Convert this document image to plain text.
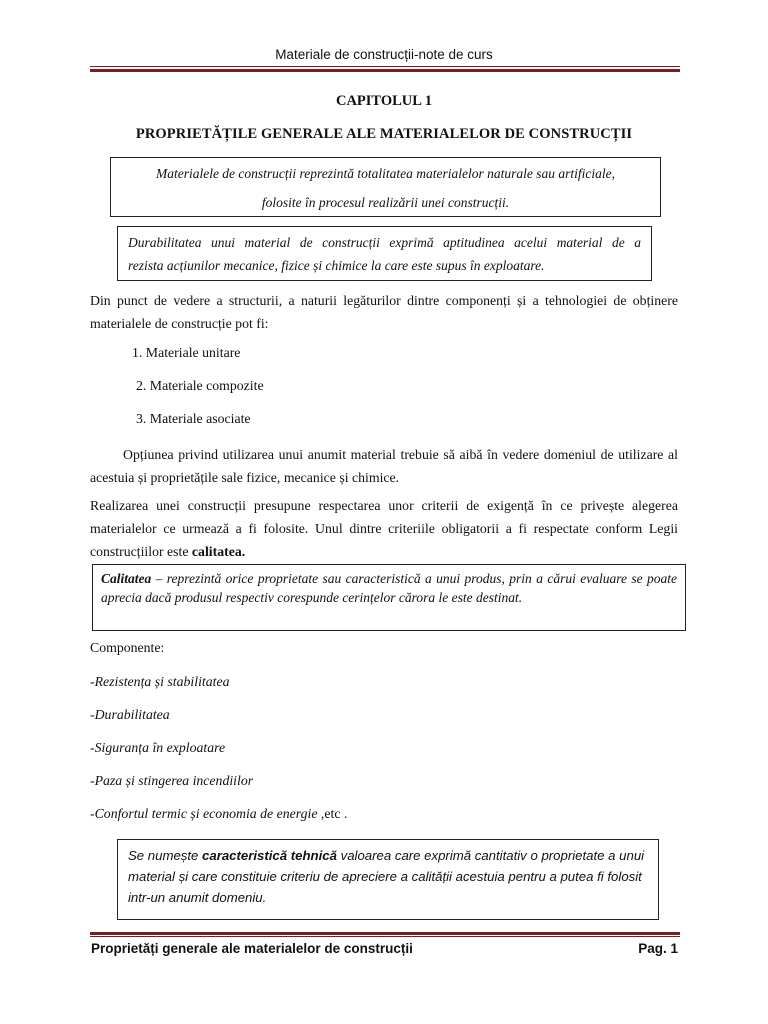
Materiale de construcții-note de curs
CAPITOLUL 1
PROPRIETĂȚILE GENERALE ALE MATERIALELOR DE CONSTRUCȚII
Materialele de construcții reprezintă totalitatea materialelor naturale sau artificiale,
folosite în procesul realizării unei construcții.
Durabilitatea unui material de construcții exprimă aptitudinea acelui material de a
rezista acțiunilor mecanice, fizice și chimice la care este supus în exploatare.
Din punct de vedere a structurii, a naturii legăturilor dintre componenți și a tehnologiei de obținere materialele de construcție pot fi:
1. Materiale unitare
2. Materiale compozite
3. Materiale asociate
Opțiunea privind utilizarea unui anumit material trebuie să aibă în vedere domeniul de utilizare al acestuia și proprietățile sale fizice, mecanice și chimice.
Realizarea unei construcții presupune respectarea unor criterii de exigență în ce privește alegerea materialelor ce urmează a fi folosite. Unul dintre criteriile obligatorii a fi respectate conform Legii construcțiilor este calitatea.
Calitatea – reprezintă orice proprietate sau caracteristică a unui produs, prin a cărui evaluare se poate aprecia dacă produsul respectiv corespunde cerințelor cărora le este destinat.
Componente:
-Rezistența și stabilitatea
-Durabilitatea
-Siguranța în exploatare
-Paza și stingerea incendiilor
-Confortul termic și economia de energie ,etc .
Se numește caracteristică tehnică valoarea care exprimă cantitativ o proprietate a unui material și care constituie criteriu de apreciere a calității acestuia pentru a putea fi folosit intr-un anumit domeniu.
Proprietăți generale ale materialelor de construcții	Pag. 1
